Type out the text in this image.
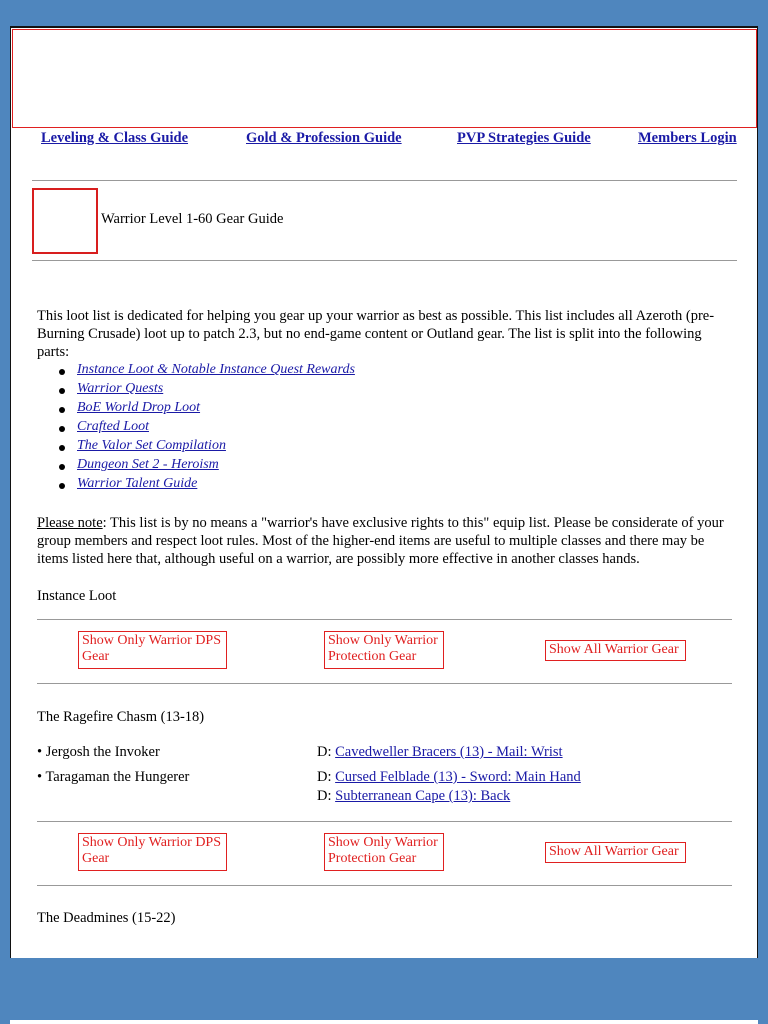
Leveling & Class Guide	Gold & Profession Guide	PVP Strategies Guide	Members Login
Warrior Level 1-60 Gear Guide
This loot list is dedicated for helping you gear up your warrior as best as possible. This list includes all Azeroth (pre-Burning Crusade) loot up to patch 2.3, but no end-game content or Outland gear. The list is split into the following parts:
Instance Loot & Notable Instance Quest Rewards
Warrior Quests
BoE World Drop Loot
Crafted Loot
The Valor Set Compilation
Dungeon Set 2 - Heroism
Warrior Talent Guide
Please note: This list is by no means a "warrior's have exclusive rights to this" equip list. Please be considerate of your group members and respect loot rules. Most of the higher-end items are useful to multiple classes and there may be items listed here that, although useful on a warrior, are possibly more effective in another classes hands.
Instance Loot
Show Only Warrior DPS Gear
Show Only Warrior Protection Gear	Show All Warrior Gear
The Ragefire Chasm (13-18)
• Jergosh the Invoker	D: Cavedweller Bracers (13) - Mail: Wrist
• Taragaman the Hungerer	D: Cursed Felblade (13) - Sword: Main Hand
D: Subterranean Cape (13): Back
Show Only Warrior DPS Gear
Show Only Warrior Protection Gear	Show All Warrior Gear
The Deadmines (15-22)
